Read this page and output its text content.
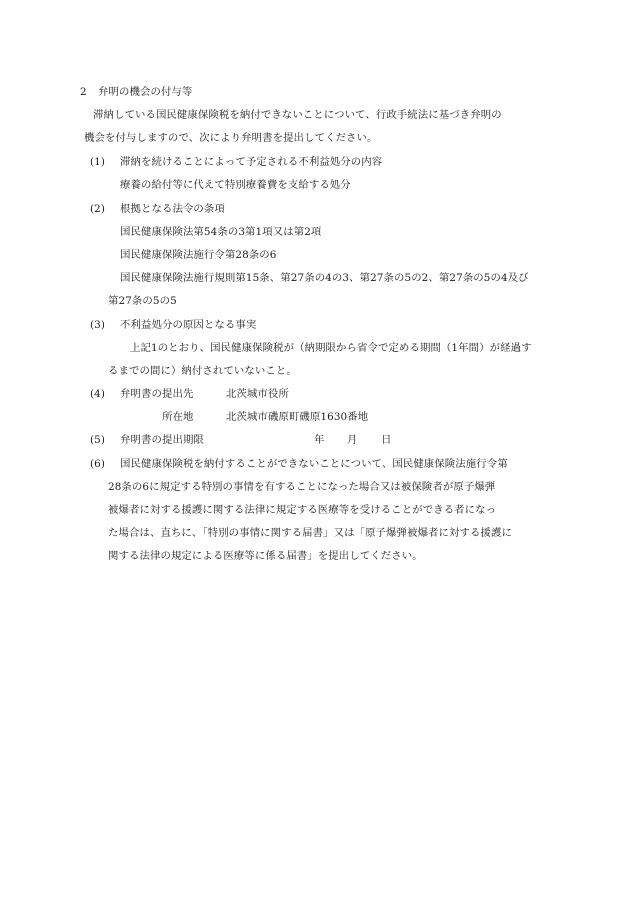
2 弁明の機会の付与等
滞納している国民健康保険税を納付できないことについて、行政手続法に基づき弁明の
機会を付与しますので、次により弁明書を提出してください。
(1) 滞納を続けることによって予定される不利益処分の内容
療養の給付等に代えて特別療養費を支給する処分
(2) 根拠となる法令の条項
国民健康保険法第54条の3第1項又は第2項
国民健康保険法施行令第28条の6
国民健康保険法施行規則第15条、第27条の4の3、第27条の5の2、第27条の5の4及び
第27条の5の5
(3) 不利益処分の原因となる事実
上記1のとおり、国民健康保険税が（納期限から省令で定める期間（1年間）が経過す
るまでの間に）納付されていないこと。
(4) 弁明書の提出先	北茨城市役所
所在地	北茨城市磯原町磯原1630番地
(5) 弁明書の提出期限	年 月 日
(6) 国民健康保険税を納付することができないことについて、国民健康保険法施行令第
28条の6に規定する特別の事情を有することになった場合又は被保険者が原子爆弾
被爆者に対する援護に関する法律に規定する医療等を受けることができる者になっ
た場合は、直ちに、「特別の事情に関する届書」又は「原子爆弾被爆者に対する援護に
関する法律の規定による医療等に係る届書」を提出してください。
